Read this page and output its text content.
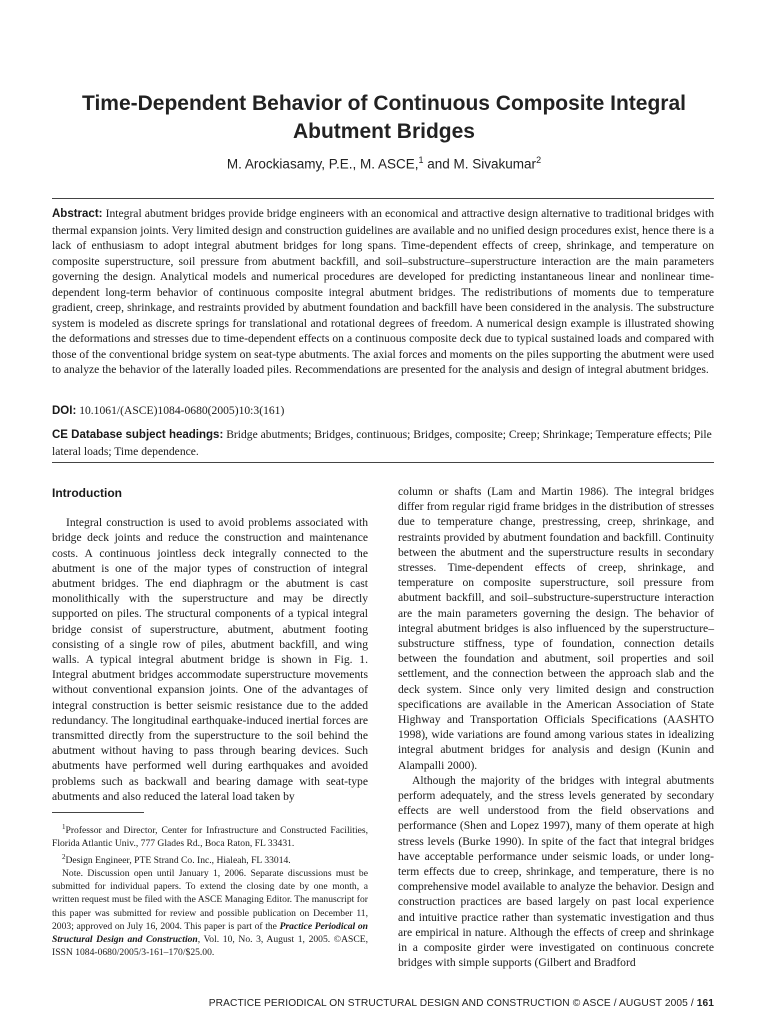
Time-Dependent Behavior of Continuous Composite Integral Abutment Bridges
M. Arockiasamy, P.E., M. ASCE,$^1$ and M. Sivakumar$^2$

Abstract: Integral abutment bridges provide bridge engineers with an economical and attractive design alternative to traditional bridges with thermal expansion joints. Very limited design and construction guidelines are available and no unified design procedures exist, hence there is a lack of enthusiasm to adopt integral abutment bridges for long spans. Time-dependent effects of creep, shrinkage, and temperature on composite superstructure, soil pressure from abutment backfill, and soil–substructure–superstructure interaction are the main parameters governing the design. Analytical models and numerical procedures are developed for predicting instantaneous linear and nonlinear time-dependent long-term behavior of continuous composite integral abutment bridges. The redistributions of moments due to temperature gradient, creep, shrinkage, and restraints provided by abutment foundation and backfill have been considered in the analysis. The substructure system is modeled as discrete springs for translational and rotational degrees of freedom. A numerical design example is illustrated showing the deformations and stresses due to time-dependent effects on a continuous composite deck due to typical sustained loads and compared with those of the conventional bridge system on seat-type abutments. The axial forces and moments on the piles supporting the abutment were used to analyze the behavior of the laterally loaded piles. Recommendations are presented for the analysis and design of integral abutment bridges.

DOI: 10.1061/(ASCE)1084-0680(2005)10:3(161)

CE Database subject headings: Bridge abutments; Bridges, continuous; Bridges, composite; Creep; Shrinkage; Temperature effects; Pile lateral loads; Time dependence.

Introduction

Integral construction is used to avoid problems associated with bridge deck joints and reduce the construction and maintenance costs. A continuous jointless deck integrally connected to the abutment is one of the major types of construction of integral abutment bridges. The end diaphragm or the abutment is cast monolithically with the superstructure and may be directly supported on piles. The structural components of a typical integral bridge consist of superstructure, abutment, abutment footing consisting of a single row of piles, abutment backfill, and wing walls. A typical integral abutment bridge is shown in Fig. 1. Integral abutment bridges accommodate superstructure movements without conventional expansion joints. One of the advantages of integral construction is better seismic resistance due to the added redundancy. The longitudinal earthquake-induced inertial forces are transmitted directly from the superstructure to the soil behind the abutment without having to pass through bearing devices. Such abutments have performed well during earthquakes and avoided problems such as backwall and bearing damage with seat-type abutments and also reduced the lateral load taken by

$^1$Professor and Director, Center for Infrastructure and Constructed Facilities, Florida Atlantic Univ., 777 Glades Rd., Boca Raton, FL 33431.

$^2$Design Engineer, PTE Strand Co. Inc., Hialeah, FL 33014.

Note. Discussion open until January 1, 2006. Separate discussions must be submitted for individual papers. To extend the closing date by one month, a written request must be filed with the ASCE Managing Editor. The manuscript for this paper was submitted for review and possible publication on December 11, 2003; approved on July 16, 2004. This paper is part of the Practice Periodical on Structural Design and Construction, Vol. 10, No. 3, August 1, 2005. ©ASCE, ISSN 1084-0680/2005/3-161–170/$25.00.

column or shafts (Lam and Martin 1986). The integral bridges differ from regular rigid frame bridges in the distribution of stresses due to temperature change, prestressing, creep, shrinkage, and restraints provided by abutment foundation and backfill. Continuity between the abutment and the superstructure results in secondary stresses. Time-dependent effects of creep, shrinkage, and temperature on composite superstructure, soil pressure from abutment backfill, and soil–substructure-superstructure interaction are the main parameters governing the design. The behavior of integral abutment bridges is also influenced by the superstructure–substructure stiffness, type of foundation, connection details between the foundation and abutment, soil properties and soil settlement, and the connection between the approach slab and the deck system. Since only very limited design and construction specifications are available in the American Association of State Highway and Transportation Officials Specifications (AASHTO 1998), wide variations are found among various states in idealizing integral abutment bridges for analysis and design (Kunin and Alampalli 2000).

Although the majority of the bridges with integral abutments perform adequately, and the stress levels generated by secondary effects are well understood from the field observations and performance (Shen and Lopez 1997), many of them operate at high stress levels (Burke 1990). In spite of the fact that integral bridges have acceptable performance under seismic loads, or under long-term effects due to creep, shrinkage, and temperature, there is no comprehensive model available to analyze the behavior. Design and construction practices are based largely on past local experience and intuitive practice rather than systematic investigation and thus are empirical in nature. Although the effects of creep and shrinkage in a composite girder were investigated on continuous concrete bridges with simple supports (Gilbert and Bradford

PRACTICE PERIODICAL ON STRUCTURAL DESIGN AND CONSTRUCTION © ASCE / AUGUST 2005 / 161
